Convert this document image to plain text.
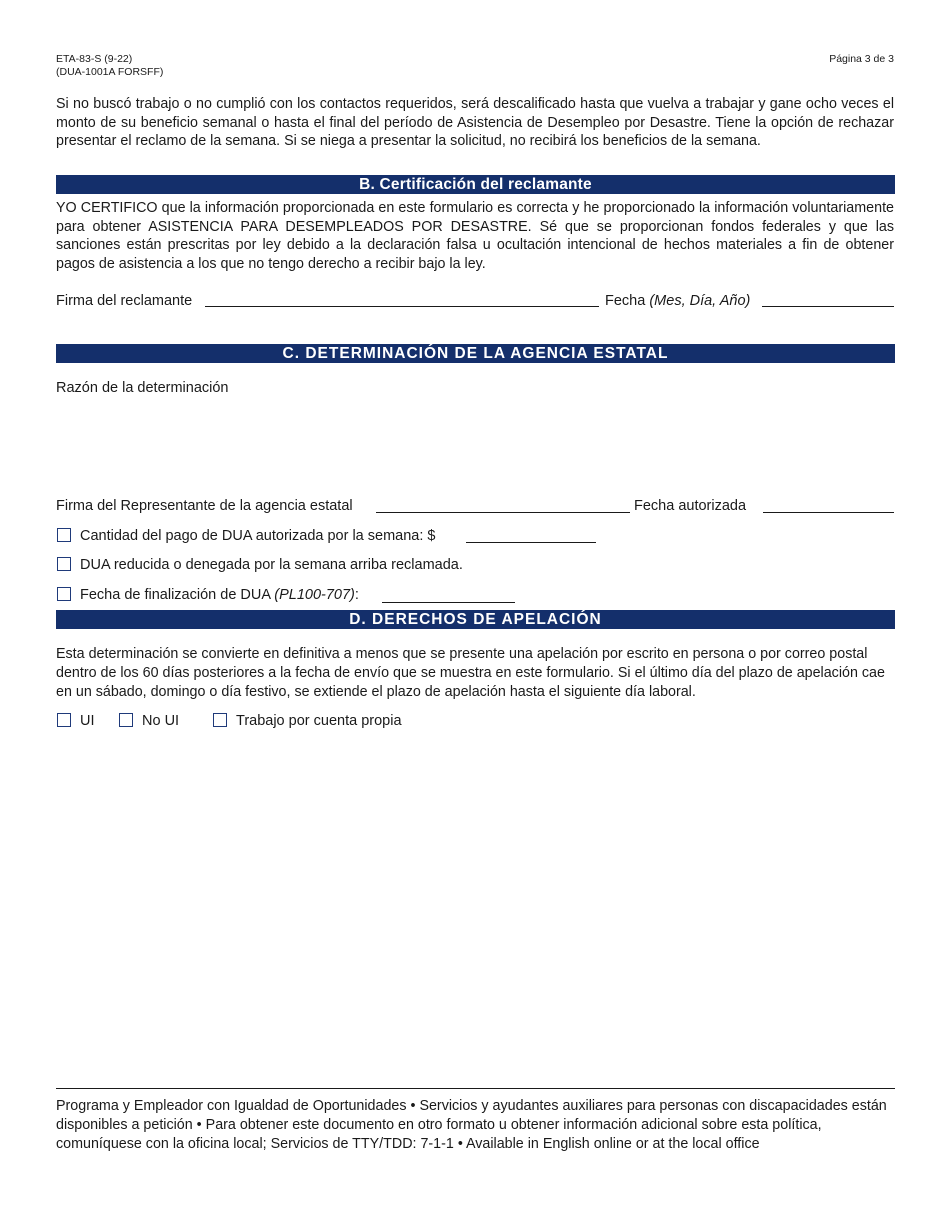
ETA-83-S (9-22)
(DUA-1001A FORSFF)
Página 3 de 3
Si no buscó trabajo o no cumplió con los contactos requeridos, será descalificado hasta que vuelva a trabajar y gane ocho veces el monto de su beneficio semanal o hasta el final del período de Asistencia de Desempleo por Desastre. Tiene la opción de rechazar presentar el reclamo de la semana. Si se niega a presentar la solicitud, no recibirá los beneficios de la semana.
B. Certificación del reclamante
YO CERTIFICO que la información proporcionada en este formulario es correcta y he proporcionado la información voluntariamente para obtener ASISTENCIA PARA DESEMPLEADOS POR DESASTRE. Sé que se proporcionan fondos federales y que las sanciones están prescritas por ley debido a la declaración falsa u ocultación intencional de hechos materiales a fin de obtener pagos de asistencia a los que no tengo derecho a recibir bajo la ley.
Firma del reclamante	Fecha (Mes, Día, Año)
C. DETERMINACIÓN DE LA AGENCIA ESTATAL
Razón de la determinación
Firma del Representante de la agencia estatal	Fecha autorizada
Cantidad del pago de DUA autorizada por la semana: $
DUA reducida o denegada por la semana arriba reclamada.
Fecha de finalización de DUA (PL100-707):
D. DERECHOS DE APELACIÓN
Esta determinación se convierte en definitiva a menos que se presente una apelación por escrito en persona o por correo postal dentro de los 60 días posteriores a la fecha de envío que se muestra en este formulario. Si el último día del plazo de apelación cae en un sábado, domingo o día festivo, se extiende el plazo de apelación hasta el siguiente día laboral.
UI	No UI	Trabajo por cuenta propia
Programa y Empleador con Igualdad de Oportunidades • Servicios y ayudantes auxiliares para personas con discapacidades están disponibles a petición • Para obtener este documento en otro formato u obtener información adicional sobre esta política, comuníquese con la oficina local; Servicios de TTY/TDD: 7-1-1 • Available in English online or at the local office
